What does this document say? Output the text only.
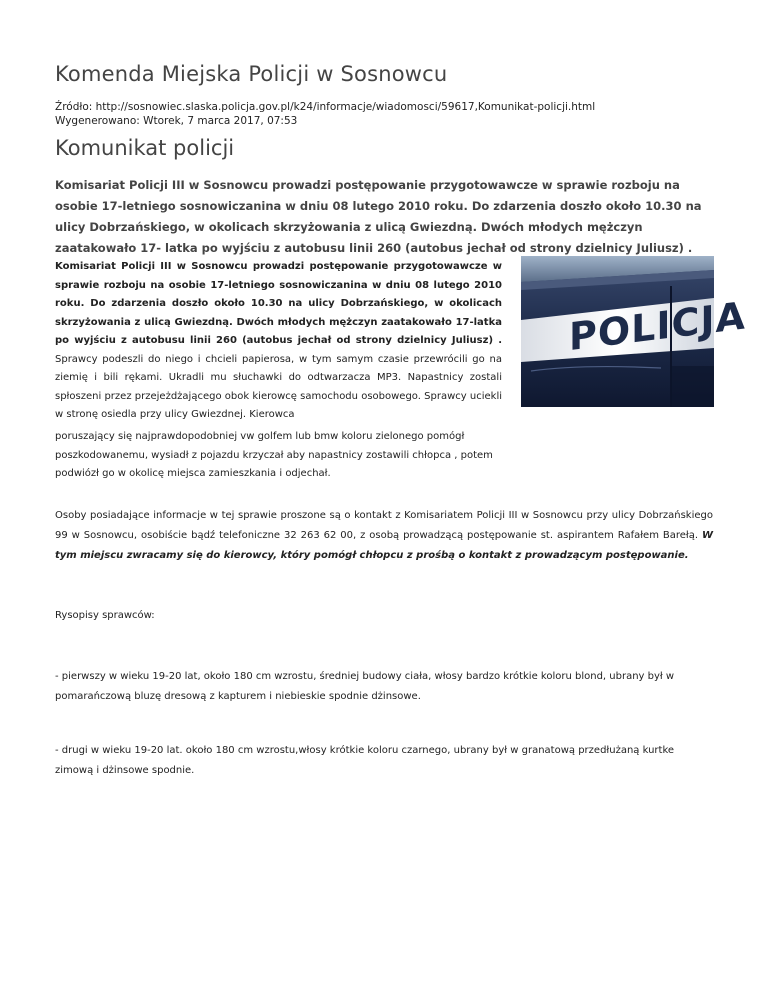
Komenda Miejska Policji w Sosnowcu
Źródło: http://sosnowiec.slaska.policja.gov.pl/k24/informacje/wiadomosci/59617,Komunikat-policji.html
Wygenerowano: Wtorek, 7 marca 2017, 07:53
Komunikat policji

Komisariat Policji III w Sosnowcu prowadzi postępowanie przygotowawcze w sprawie rozboju na osobie 17-letniego sosnowiczanina w dniu 08 lutego 2010 roku. Do zdarzenia doszło około 10.30 na ulicy Dobrzańskiego, w okolicach skrzyżowania z ulicą Gwiezdną. Dwóch młodych mężczyn zaatakowało 17- latka po wyjściu z autobusu linii 260 (autobus jechał od strony dzielnicy Juliusz) .

Komisariat Policji III w Sosnowcu prowadzi postępowanie przygotowawcze w sprawie rozboju na osobie 17-letniego sosnowiczanina w dniu 08 lutego 2010 roku. Do zdarzenia doszło około 10.30 na ulicy Dobrzańskiego, w okolicach skrzyżowania z ulicą Gwiezdną. Dwóch młodych mężczyn zaatakowało 17-latka po wyjściu z autobusu linii 260 (autobus jechał od strony dzielnicy Juliusz) . Sprawcy podeszli do niego i chcieli papierosa, w tym samym czasie przewrócili go na ziemię i bili rękami. Ukradli mu słuchawki do odtwarzacza MP3. Napastnicy zostali spłoszeni przez przejeżdżającego obok kierowcę samochodu osobowego. Sprawcy uciekli w stronę osiedla przy ulicy Gwiezdnej. Kierowca

POLICJA

poruszający się najprawdopodobniej vw golfem lub bmw koloru zielonego pomógł poszkodowanemu, wysiadł z pojazdu krzyczał aby napastnicy zostawili chłopca , potem podwiózł go w okolicę miejsca zamieszkania i odjechał.

Osoby posiadające informacje w tej sprawie proszone są o kontakt z Komisariatem Policji III w Sosnowcu przy ulicy Dobrzańskiego 99 w Sosnowcu, osobiście bądź telefoniczne 32 263 62 00, z osobą prowadzącą postępowanie st. aspirantem Rafałem Barełą. W tym miejscu zwracamy się do kierowcy, który pomógł chłopcu z prośbą o kontakt z prowadzącym postępowanie.

Rysopisy sprawców:

- pierwszy w wieku 19-20 lat, około 180 cm wzrostu, średniej budowy ciała, włosy bardzo krótkie koloru blond, ubrany był w pomarańczową bluzę dresową z kapturem i niebieskie spodnie dżinsowe.

- drugi w wieku 19-20 lat. około 180 cm wzrostu,włosy krótkie koloru czarnego, ubrany był w granatową przedłużaną kurtke zimową i dżinsowe spodnie.
